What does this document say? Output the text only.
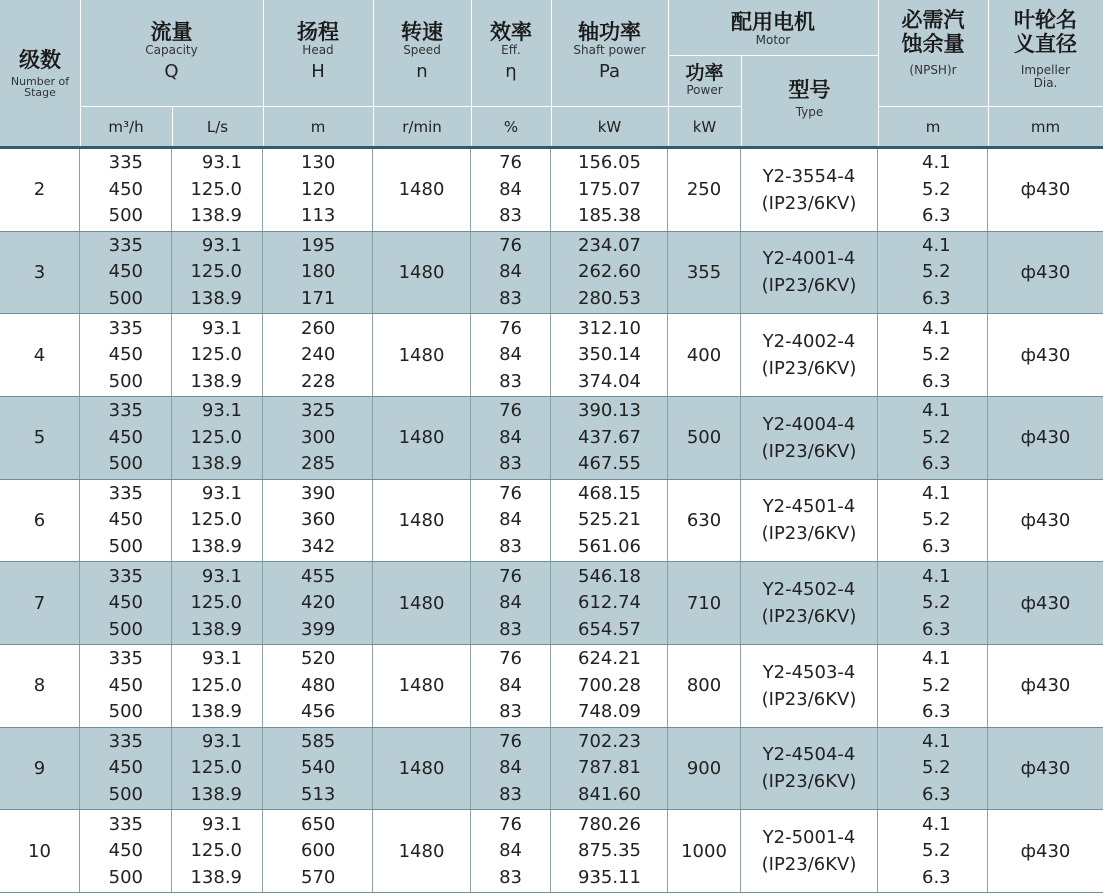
级数
Number of Stage
流量
Capacity
Q
m³/h	L/s
扬程
Head
H
m
转速
Speed
n
r/min
效率
Eff.
η
%
轴功率
Shaft power
Pa
kW
配用电机
Motor
功率
Power
kW
型号
Type
必需汽
蚀余量
(NPSH)r
m
叶轮名
义直径
Impeller
Dia.
mm
2
335
450
500
93.1
125.0
138.9
130
120
113
1480
76
84
83
156.05
175.07
185.38
250
Y2-3554-4
(IP23/6KV)
4.1
5.2
6.3
ф430
3
335
450
500
93.1
125.0
138.9
195
180
171
1480
76
84
83
234.07
262.60
280.53
355
Y2-4001-4
(IP23/6KV)
4.1
5.2
6.3
ф430
4
335
450
500
93.1
125.0
138.9
260
240
228
1480
76
84
83
312.10
350.14
374.04
400
Y2-4002-4
(IP23/6KV)
4.1
5.2
6.3
ф430
5
335
450
500
93.1
125.0
138.9
325
300
285
1480
76
84
83
390.13
437.67
467.55
500
Y2-4004-4
(IP23/6KV)
4.1
5.2
6.3
ф430
6
335
450
500
93.1
125.0
138.9
390
360
342
1480
76
84
83
468.15
525.21
561.06
630
Y2-4501-4
(IP23/6KV)
4.1
5.2
6.3
ф430
7
335
450
500
93.1
125.0
138.9
455
420
399
1480
76
84
83
546.18
612.74
654.57
710
Y2-4502-4
(IP23/6KV)
4.1
5.2
6.3
ф430
8
335
450
500
93.1
125.0
138.9
520
480
456
1480
76
84
83
624.21
700.28
748.09
800
Y2-4503-4
(IP23/6KV)
4.1
5.2
6.3
ф430
9
335
450
500
93.1
125.0
138.9
585
540
513
1480
76
84
83
702.23
787.81
841.60
900
Y2-4504-4
(IP23/6KV)
4.1
5.2
6.3
ф430
10
335
450
500
93.1
125.0
138.9
650
600
570
1480
76
84
83
780.26
875.35
935.11
1000
Y2-5001-4
(IP23/6KV)
4.1
5.2
6.3
ф430
